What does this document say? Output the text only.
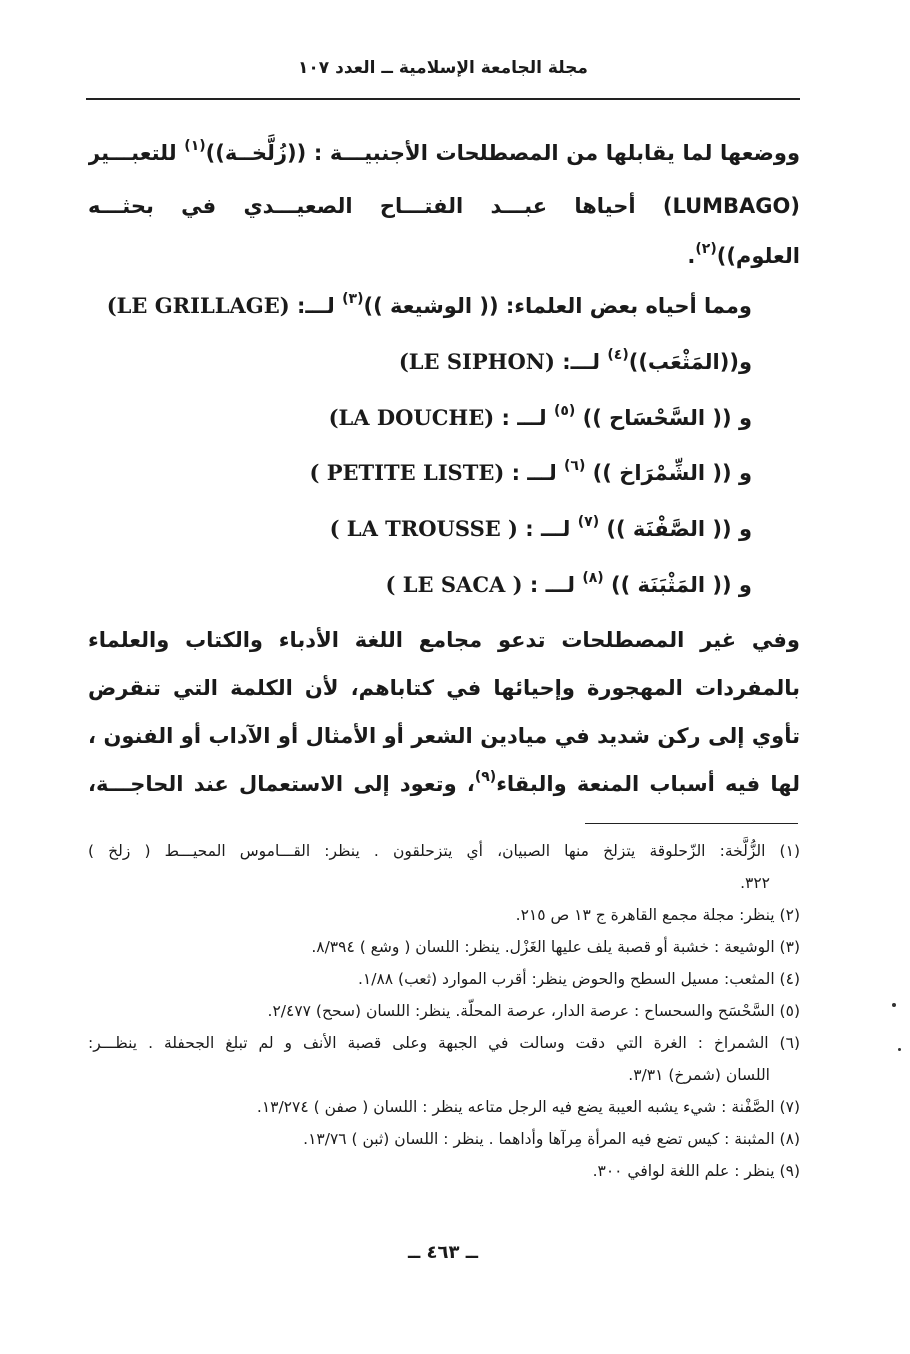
مجلة الجامعة الإسلامية ــ العدد ١٠٧
ووضعها لما يقابلها من المصطلحات الأجنبيـــة : ((زُلَّخــة))$^{(١)}$ للتعبـــير
(LUMBAGO) أحياها عبـــد الفتـــاح الصعيـــدي في بحثـــه
العلوم))$^{(٢)}$.
ومما أحياه بعض العلماء: (( الوشيعة ))$^{(٣)}$ لـــ: (LE GRILLAGE)
و((المَثْعَب))$^{(٤)}$ لـــ: (LE SIPHON)
و (( السَّحْسَاح )) $^{(٥)}$ لـــ : (LA DOUCHE)
و (( الشِّمْرَاخ )) $^{(٦)}$ لـــ : ( PETITE LISTE)
و (( الصَّفْنَة )) $^{(٧)}$ لـــ : ( LA TROUSSE )
و (( المَثْبَنَة )) $^{(٨)}$ لـــ : ( LE SACA )
وفي غير المصطلحات تدعو مجامع اللغة الأدباء والكتاب والعلماء
بالمفردات المهجورة وإحيائها في كتاباهم، لأن الكلمة التي تنقرض
تأوي إلى ركن شديد في ميادين الشعر أو الأمثال أو الآداب أو الفنون ،
لها فيه أسباب المنعة والبقاء$^{(٩)}$، وتعود إلى الاستعمال عند الحاجـــة،
(١) الزُّلَّخة: الزّحلوقة يتزلخ منها الصبيان، أي يتزحلقون . ينظر: القـــاموس المحيـــط ( زلخ )
٣٢٢.
(٢) ينظر: مجلة مجمع القاهرة ج ١٣ ص ٢١٥.
(٣) الوشيعة : خشبة أو قصبة يلف عليها الغَزْل. ينظر: اللسان ( وشع ) ٨/٣٩٤.
(٤) المثعب: مسيل السطح والحوض ينظر: أقرب الموارد (ثعب) ١/٨٨.
(٥) السَّحْسَح والسحساح : عرصة الدار، عرصة المحلّة. ينظر: اللسان (سحح) ٢/٤٧٧.
(٦) الشمراخ : الغرة التي دقت وسالت في الجبهة وعلى قصبة الأنف و لم تبلغ الجحفلة . ينظـــر:
اللسان (شمرخ) ٣/٣١.
(٧) الصَّفْنة : شيء يشبه العيبة يضع فيه الرجل متاعه ينظر : اللسان ( صفن ) ١٣/٢٧٤.
(٨) المثبنة : كيس تضع فيه المرأة مِرآها وأداهما . ينظر : اللسان (ثبن ) ١٣/٧٦.
(٩) ينظر : علم اللغة لوافي ٣٠٠.
ــ ٤٦٣ ــ
